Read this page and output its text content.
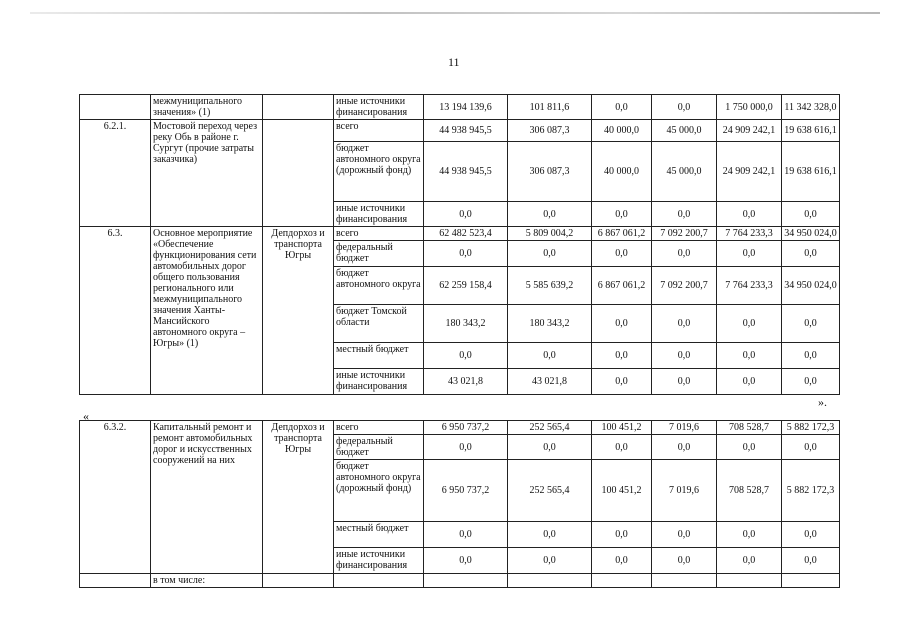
11
	межмуниципального значения» (1)		иные источники финансирования	13 194 139,6	101 811,6	0,0	0,0	1 750 000,0	11 342 328,0
6.2.1.	Мостовой переход через реку Обь в районе г. Сургут (прочие затраты заказчика)		всего	44 938 945,5	306 087,3	40 000,0	45 000,0	24 909 242,1	19 638 616,1
			бюджет автономного округа (дорожный фонд)	44 938 945,5	306 087,3	40 000,0	45 000,0	24 909 242,1	19 638 616,1
			иные источники финансирования	0,0	0,0	0,0	0,0	0,0	0,0
6.3.	Основное мероприятие «Обеспечение функционирования сети автомобильных дорог общего пользования регионального или межмуниципального значения Ханты-Мансийского автономного округа – Югры» (1)	Депдорхоз и транспорта Югры	всего	62 482 523,4	5 809 004,2	6 867 061,2	7 092 200,7	7 764 233,3	34 950 024,0
			федеральный бюджет	0,0	0,0	0,0	0,0	0,0	0,0
			бюджет автономного округа	62 259 158,4	5 585 639,2	6 867 061,2	7 092 200,7	7 764 233,3	34 950 024,0
			бюджет Томской области	180 343,2	180 343,2	0,0	0,0	0,0	0,0
			местный бюджет	0,0	0,0	0,0	0,0	0,0	0,0
			иные источники финансирования	43 021,8	43 021,8	0,0	0,0	0,0	0,0
».
«
6.3.2.	Капитальный ремонт и ремонт автомобильных дорог и искусственных сооружений на них	Депдорхоз и транспорта Югры	всего	6 950 737,2	252 565,4	100 451,2	7 019,6	708 528,7	5 882 172,3
			федеральный бюджет	0,0	0,0	0,0	0,0	0,0	0,0
			бюджет автономного округа (дорожный фонд)	6 950 737,2	252 565,4	100 451,2	7 019,6	708 528,7	5 882 172,3
			местный бюджет	0,0	0,0	0,0	0,0	0,0	0,0
			иные источники финансирования	0,0	0,0	0,0	0,0	0,0	0,0
	в том числе:								
